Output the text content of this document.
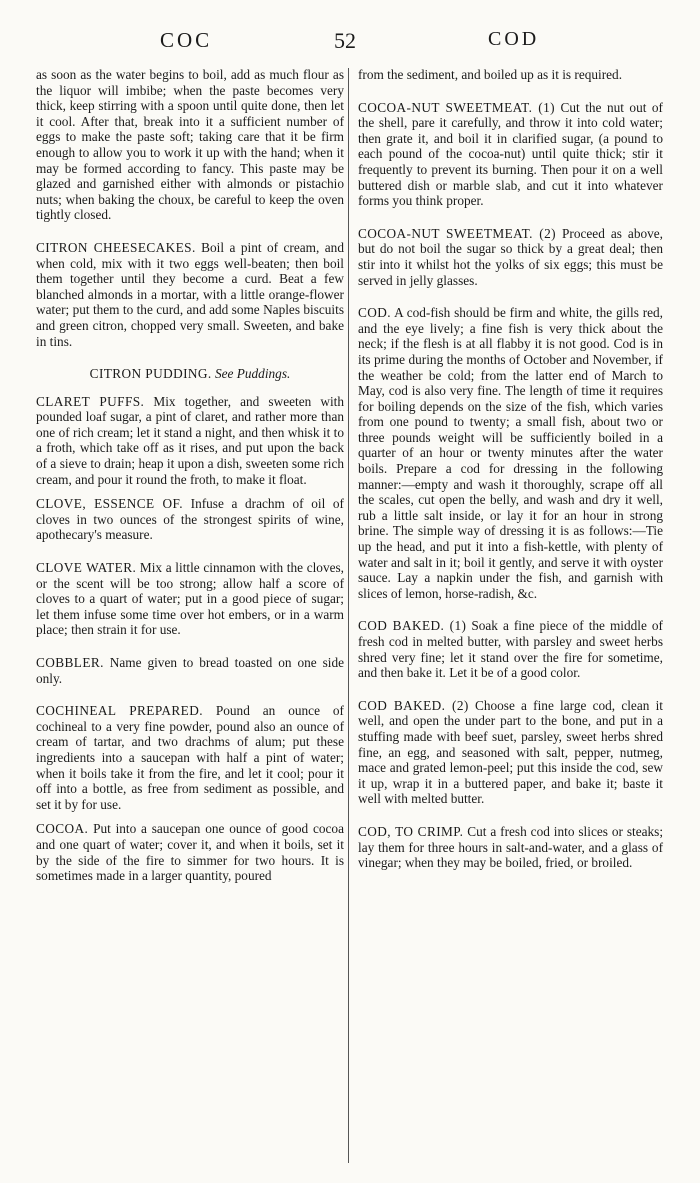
COC	52	COD

as soon as the water begins to boil, add as much flour as the liquor will imbibe; when the paste becomes very thick, keep stirring with a spoon until quite done, then let it cool. After that, break into it a sufficient number of eggs to make the paste soft; taking care that it be firm enough to allow you to work it up with the hand; when it may be formed according to fancy. This paste may be glazed and garnished either with almonds or pistachio nuts; when baking the choux, be careful to keep the oven tightly closed.

CITRON CHEESECAKES. Boil a pint of cream, and when cold, mix with it two eggs well-beaten; then boil them together until they become a curd. Beat a few blanched almonds in a mortar, with a little orange-flower water; put them to the curd, and add some Naples biscuits and green citron, chopped very small. Sweeten, and bake in tins.

CITRON PUDDING. See Puddings.

CLARET PUFFS. Mix together, and sweeten with pounded loaf sugar, a pint of claret, and rather more than one of rich cream; let it stand a night, and then whisk it to a froth, which take off as it rises, and put upon the back of a sieve to drain; heap it upon a dish, sweeten some rich cream, and pour it round the froth, to make it float.

CLOVE, ESSENCE OF. Infuse a drachm of oil of cloves in two ounces of the strongest spirits of wine, apothecary's measure.

CLOVE WATER. Mix a little cinnamon with the cloves, or the scent will be too strong; allow half a score of cloves to a quart of water; put in a good piece of sugar; let them infuse some time over hot embers, or in a warm place; then strain it for use.

COBBLER. Name given to bread toasted on one side only.

COCHINEAL PREPARED. Pound an ounce of cochineal to a very fine powder, pound also an ounce of cream of tartar, and two drachms of alum; put these ingredients into a saucepan with half a pint of water; when it boils take it from the fire, and let it cool; pour it off into a bottle, as free from sediment as possible, and set it by for use.

COCOA. Put into a saucepan one ounce of good cocoa and one quart of water; cover it, and when it boils, set it by the side of the fire to simmer for two hours. It is sometimes made in a larger quantity, poured

from the sediment, and boiled up as it is required.

COCOA-NUT SWEETMEAT. (1) Cut the nut out of the shell, pare it carefully, and throw it into cold water; then grate it, and boil it in clarified sugar, (a pound to each pound of the cocoa-nut) until quite thick; stir it frequently to prevent its burning. Then pour it on a well buttered dish or marble slab, and cut it into whatever forms you think proper.

COCOA-NUT SWEETMEAT. (2) Proceed as above, but do not boil the sugar so thick by a great deal; then stir into it whilst hot the yolks of six eggs; this must be served in jelly glasses.

COD. A cod-fish should be firm and white, the gills red, and the eye lively; a fine fish is very thick about the neck; if the flesh is at all flabby it is not good. Cod is in its prime during the months of October and November, if the weather be cold; from the latter end of March to May, cod is also very fine. The length of time it requires for boiling depends on the size of the fish, which varies from one pound to twenty; a small fish, about two or three pounds weight will be sufficiently boiled in a quarter of an hour or twenty minutes after the water boils. Prepare a cod for dressing in the following manner:—empty and wash it thoroughly, scrape off all the scales, cut open the belly, and wash and dry it well, rub a little salt inside, or lay it for an hour in strong brine. The simple way of dressing it is as follows:—Tie up the head, and put it into a fish-kettle, with plenty of water and salt in it; boil it gently, and serve it with oyster sauce. Lay a napkin under the fish, and garnish with slices of lemon, horse-radish, &c.

COD BAKED. (1) Soak a fine piece of the middle of fresh cod in melted butter, with parsley and sweet herbs shred very fine; let it stand over the fire for sometime, and then bake it. Let it be of a good color.

COD BAKED. (2) Choose a fine large cod, clean it well, and open the under part to the bone, and put in a stuffing made with beef suet, parsley, sweet herbs shred fine, an egg, and seasoned with salt, pepper, nutmeg, mace and grated lemon-peel; put this inside the cod, sew it up, wrap it in a buttered paper, and bake it; baste it well with melted butter.

COD, TO CRIMP. Cut a fresh cod into slices or steaks; lay them for three hours in salt-and-water, and a glass of vinegar; when they may be boiled, fried, or broiled.
